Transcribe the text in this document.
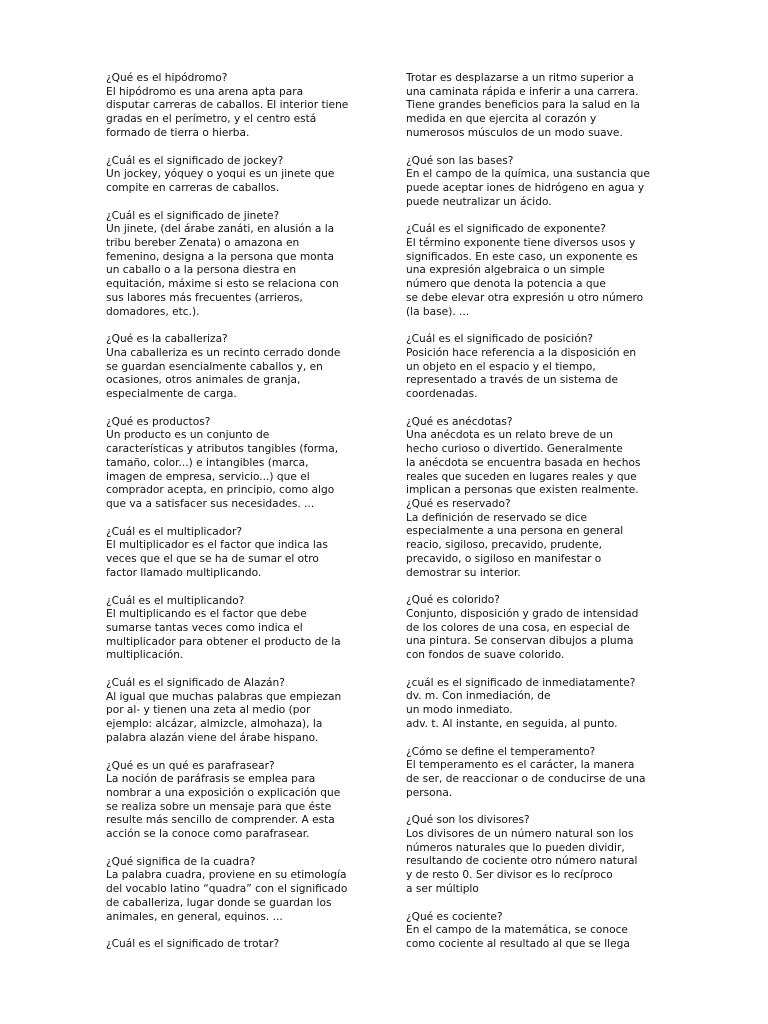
¿Qué es el hipódromo?

El hipódromo es una arena apta para
disputar carreras de caballos. El interior tiene
gradas en el perímetro, y el centro está
formado de tierra o hierba.

¿Cuál es el significado de jockey?

Un jockey, yóquey o yoqui es un jinete que
compite en carreras de caballos.

¿Cuál es el significado de jinete?

Un jinete, (del árabe zanáti, en alusión a la
tribu bereber Zenata) o amazona en
femenino, designa a la persona que monta
un caballo o a la persona diestra en
equitación, máxime si esto se relaciona con
sus labores más frecuentes (arrieros,
domadores, etc.).

¿Qué es la caballeriza?

Una caballeriza es un recinto cerrado donde
se guardan esencialmente caballos y, en
ocasiones, otros animales de granja,
especialmente de carga.

¿Qué es productos?

Un producto es un conjunto de
características y atributos tangibles (forma,
tamaño, color...) e intangibles (marca,
imagen de empresa, servicio...) que el
comprador acepta, en principio, como algo
que va a satisfacer sus necesidades. ...

¿Cuál es el multiplicador?

El multiplicador es el factor que indica las
veces que el que se ha de sumar el otro
factor llamado multiplicando.

¿Cuál es el multiplicando?

El multiplicando es el factor que debe
sumarse tantas veces como indica el
multiplicador para obtener el producto de la
multiplicación.

¿Cuál es el significado de Alazán?

Al igual que muchas palabras que empiezan
por al- y tienen una zeta al medio (por
ejemplo: alcázar, almizcle, almohaza), la
palabra alazán viene del árabe hispano.

¿Qué es un qué es parafrasear?

La noción de paráfrasis se emplea para
nombrar a una exposición o explicación que
se realiza sobre un mensaje para que éste
resulte más sencillo de comprender. A esta
acción se la conoce como parafrasear.

¿Qué significa de la cuadra?

La palabra cuadra, proviene en su etimología
del vocablo latino “quadra” con el significado
de caballeriza, lugar donde se guardan los
animales, en general, equinos. ...

¿Cuál es el significado de trotar?

Trotar es desplazarse a un ritmo superior a
una caminata rápida e inferir a una carrera.
Tiene grandes beneficios para la salud en la
medida en que ejercita al corazón y
numerosos músculos de un modo suave.

¿Qué son las bases?

En el campo de la química, una sustancia que
puede aceptar iones de hidrógeno en agua y
puede neutralizar un ácido.

¿Cuál es el significado de exponente?

El término exponente tiene diversos usos y
significados. En este caso, un exponente es
una expresión algebraica o un simple
número que denota la potencia a que
se debe elevar otra expresión u otro número
(la base). ...

¿Cuál es el significado de posición?

Posición hace referencia a la disposición en
un objeto en el espacio y el tiempo,
representado a través de un sistema de
coordenadas.

¿Qué es anécdotas?

Una anécdota es un relato breve de un
hecho curioso o divertido. Generalmente
la anécdota se encuentra basada en hechos
reales que suceden en lugares reales y que
implican a personas que existen realmente.

¿Qué es reservado?

La definición de reservado se dice
especialmente a una persona en general
reacio, sigiloso, precavido, prudente,
precavido, o sigiloso en manifestar o
demostrar su interior.

¿Qué es colorido?

Conjunto, disposición y grado de intensidad
de los colores de una cosa, en especial de
una pintura. Se conservan dibujos a pluma
con fondos de suave colorido.

¿cuál es el significado de inmediatamente?

dv. m. Con inmediación, de
un modo inmediato.
adv. t. Al instante, en seguida, al punto.

¿Cómo se define el temperamento?

El temperamento es el carácter, la manera
de ser, de reaccionar o de conducirse de una
persona.

¿Qué son los divisores?

Los divisores de un número natural son los
números naturales que lo pueden dividir,
resultando de cociente otro número natural
y de resto 0. Ser divisor es lo recíproco
a ser múltiplo

¿Qué es cociente?

En el campo de la matemática, se conoce
como cociente al resultado al que se llega
